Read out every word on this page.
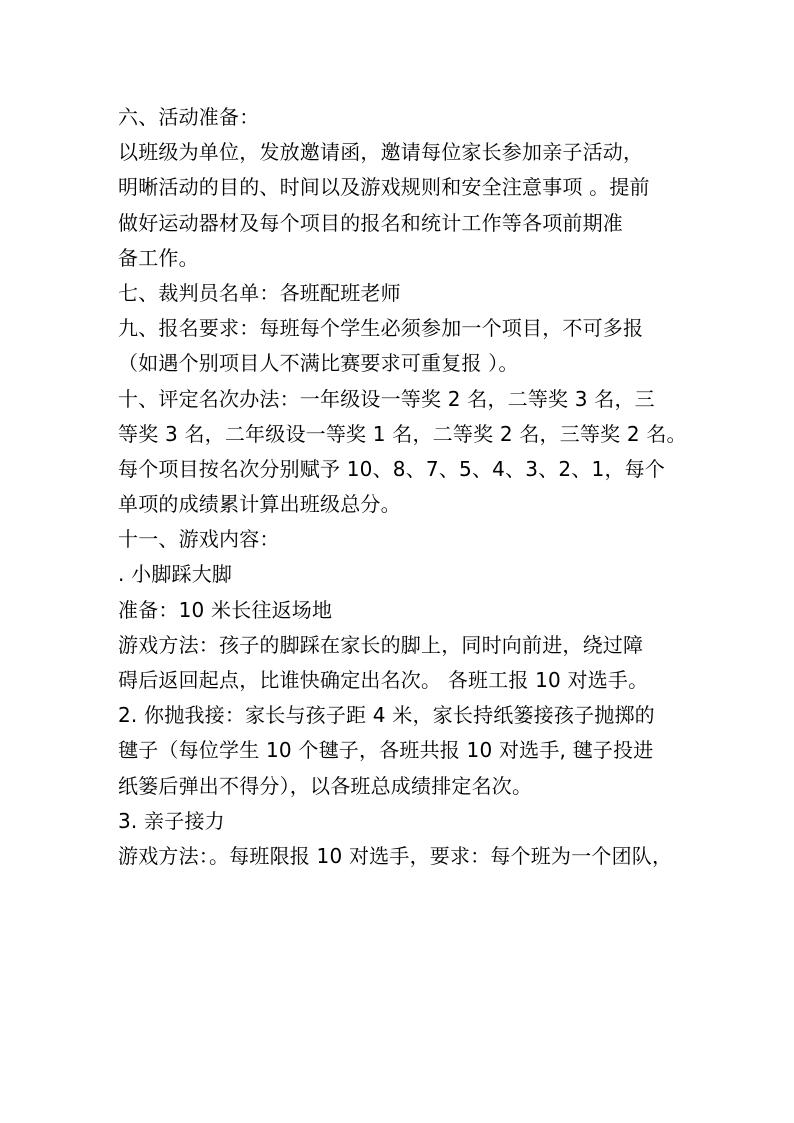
六、活动准备：
以班级为单位，发放邀请函，邀请每位家长参加亲子活动，
明晰活动的目的、时间以及游戏规则和安全注意事项 。提前
做好运动器材及每个项目的报名和统计工作等各项前期准
备工作。
七、裁判员名单：各班配班老师
九、报名要求：每班每个学生必须参加一个项目，不可多报
（如遇个别项目人不满比赛要求可重复报 ）。
十、评定名次办法：一年级设一等奖 2 名，二等奖 3 名，三
等奖 3 名，二年级设一等奖 1 名，二等奖 2 名，三等奖 2 名。
每个项目按名次分别赋予 10、8、7、5、4、3、2、1，每个
单项的成绩累计算出班级总分。
十一、游戏内容：
. 小脚踩大脚
准备：10 米长往返场地
游戏方法：孩子的脚踩在家长的脚上，同时向前进，绕过障
碍后返回起点，比谁快确定出名次。 各班工报 10 对选手。
2. 你抛我接：家长与孩子距 4 米，家长持纸篓接孩子抛掷的
毽子（每位学生 10 个毽子，各班共报 10 对选手, 毽子投进
纸篓后弹出不得分），以各班总成绩排定名次。
3. 亲子接力
游戏方法：。每班限报 10 对选手，要求：每个班为一个团队，
